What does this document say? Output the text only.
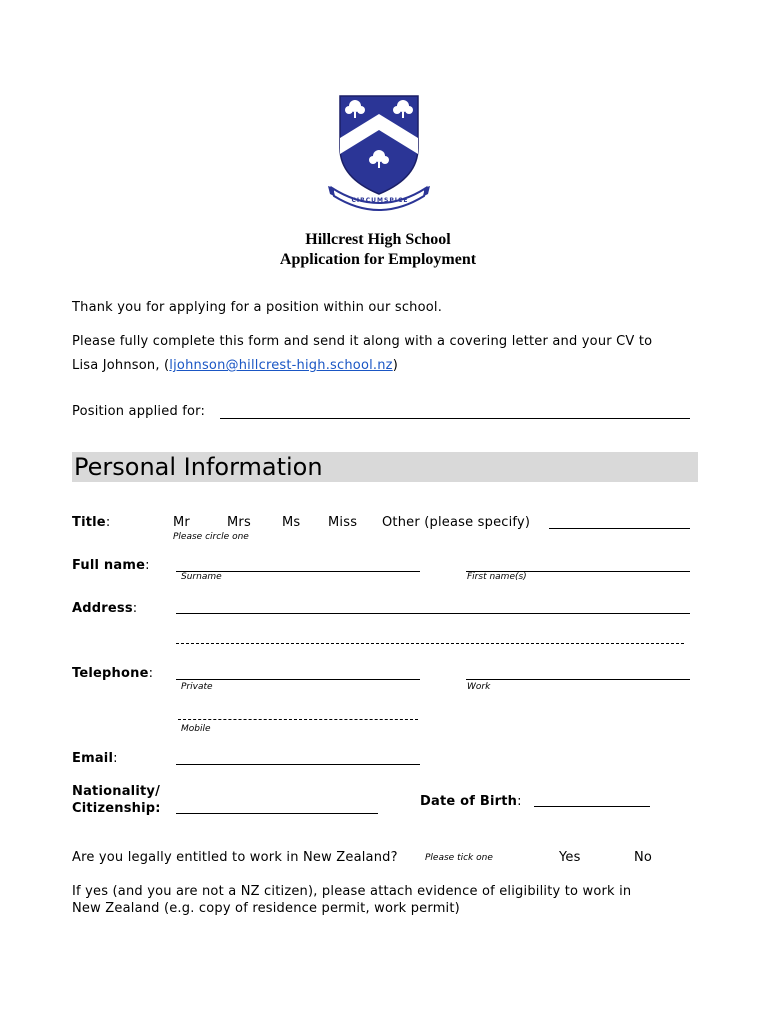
CIRCUMSPICE
Hillcrest High School
Application for Employment
Thank you for applying for a position within our school.
Please fully complete this form and send it along with a covering letter and your CV to
Lisa Johnson, (ljohnson@hillcrest-high.school.nz)
Position applied for:
Personal Information
Title:	Mr	Mrs Ms Miss Other (please specify)
Please circle one
Full name:
Surname	First name(s)
Address:
Telephone:
Private	Work
Mobile
Email:
Nationality/
Citizenship:	Date of Birth:
Are you legally entitled to work in New Zealand?	Please tick one	Yes	No
If yes (and you are not a NZ citizen), please attach evidence of eligibility to work in
New Zealand (e.g. copy of residence permit, work permit)
